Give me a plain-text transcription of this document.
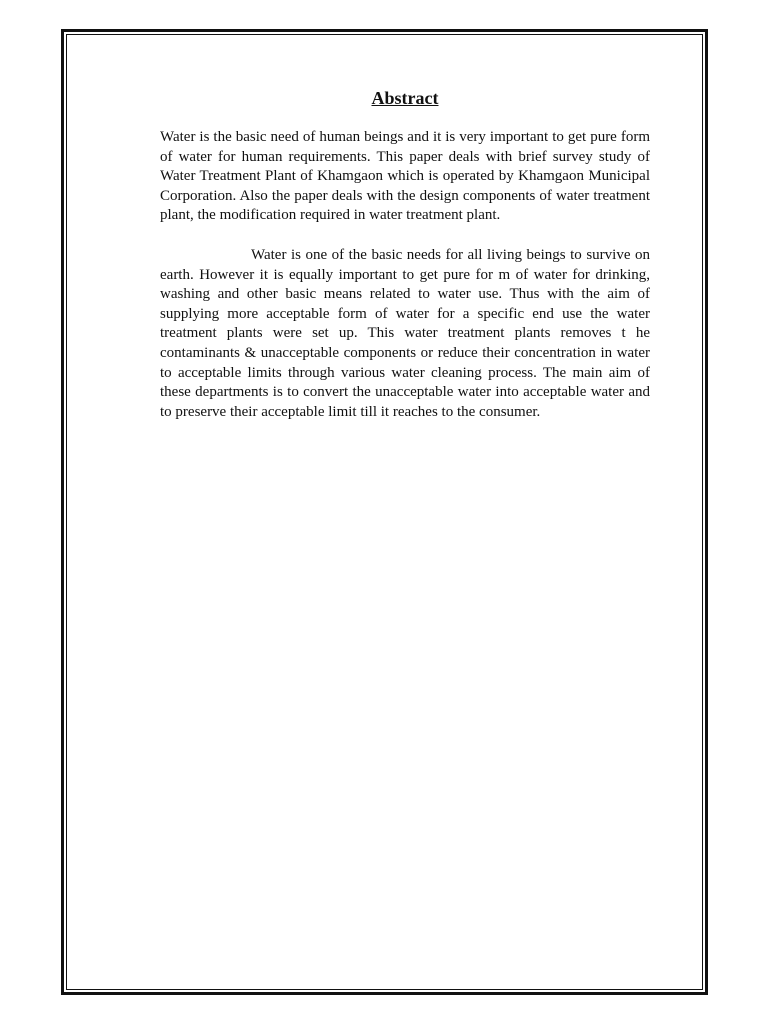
Abstract

Water is the basic need of human beings and it is very important to get pure form of water for human requirements. This paper deals with brief survey study of Water Treatment Plant of Khamgaon which is operated by Khamgaon Municipal Corporation. Also the paper deals with the design components of water treatment plant, the modification required in water treatment plant.

Water is one of the basic needs for all living beings to survive on earth. However it is equally important to get pure for m of water for drinking, washing and other basic means related to water use. Thus with the aim of supplying more acceptable form of water for a specific end use the water treatment plants were set up. This water treatment plants removes t he contaminants & unacceptable components or reduce their concentration in water to acceptable limits through various water cleaning process. The main aim of these departments is to convert the unacceptable water into acceptable water and to preserve their acceptable limit till it reaches to the consumer.
